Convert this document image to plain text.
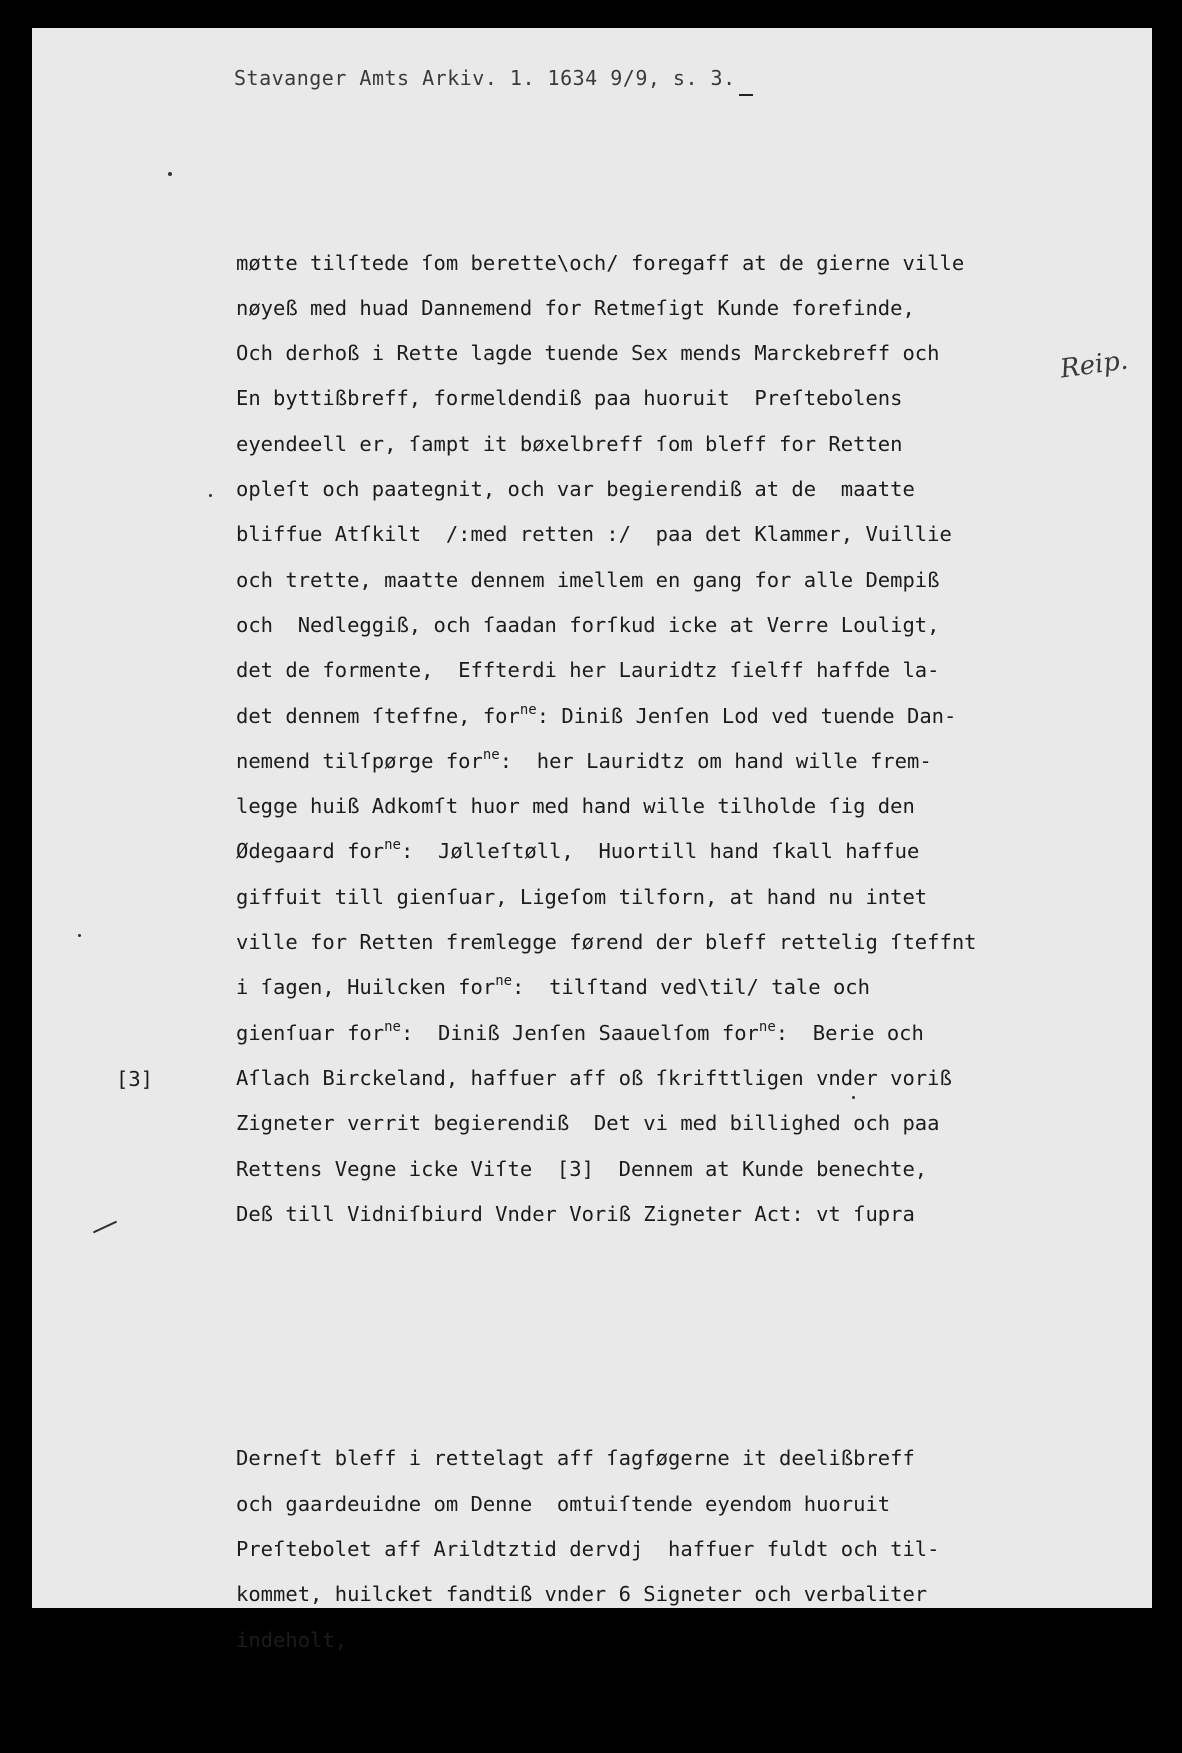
Stavanger Amts Arkiv. 1. 1634 9/9, s. 3.
Reip.
[3]

møtte tilſtede ſom berette\och/ foregaff at de gierne ville
nøyeß med huad Dannemend for Retmeſigt Kunde forefinde,
Och derhoß i Rette lagde tuende Sex mends Marckebreff och
En byttißbreff, formeldendiß paa huoruit  Preſtebolens
eyendeell er, ſampt it bøxelbreff ſom bleff for Retten
opleſt och paategnit, och var begierendiß at de  maatte
bliffue Atſkilt  /:med retten :/  paa det Klammer, Vuillie
och trette, maatte dennem imellem en gang for alle Dempiß
och  Nedleggiß, och ſaadan forſkud icke at Verre Louligt,
det de formente,  Effterdi her Lauridtz ſielff haffde la-
det dennem ſteffne, for$^{ne}$: Diniß Jenſen Lod ved tuende Dan-
nemend tilſpørge for$^{ne}$:  her Lauridtz om hand wille frem-
legge huiß Adkomſt huor med hand wille tilholde ſig den
Ødegaard for$^{ne}$:  Jølleſtøll,  Huortill hand ſkall haffue
giffuit till gienſuar, Ligeſom tilforn, at hand nu intet
ville for Retten fremlegge førend der bleff rettelig ſteffnt
i ſagen, Huilcken for$^{ne}$:  tilſtand ved\til/ tale och
gienſuar for$^{ne}$:  Diniß Jenſen Saauelſom for$^{ne}$:  Berie och
Aſlach Birckeland, haffuer aff oß ſkrifttligen vnder voriß
Zigneter verrit begierendiß  Det vi med billighed och paa
Rettens Vegne icke Viſte  [3]  Dennem at Kunde benechte,
Deß till Vidniſbiurd Vnder Voriß Zigneter Act: vt ſupra

Derneſt bleff i rettelagt aff ſagføgerne it deelißbreff
och gaardeuidne om Denne  omtuiſtende eyendom huoruit
Preſtebolet aff Arildtztid dervdj  haffuer fuldt och til-
kommet, huilcket fandtiß vnder 6 Signeter och verbaliter
indeholt,
